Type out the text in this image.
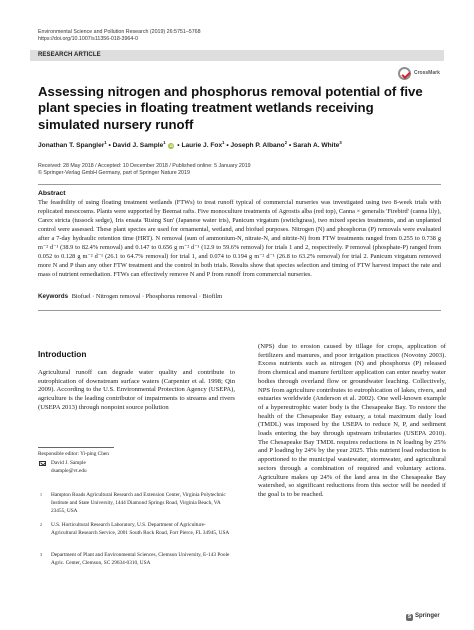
Environmental Science and Pollution Research (2019) 26:5751–5768
https://doi.org/10.1007/s11356-018-3964-0
RESEARCH ARTICLE
CrossMark
Assessing nitrogen and phosphorus removal potential of five plant species in floating treatment wetlands receiving simulated nursery runoff
Jonathan T. Spangler$^1$ • David J. Sample$^1$ iD • Laurie J. Fox$^1$ • Joseph P. Albano$^2$ • Sarah A. White$^3$
Received: 28 May 2018 / Accepted: 10 December 2018 / Published online: 5 January 2019
© Springer-Verlag GmbH Germany, part of Springer Nature 2019
Abstract

The feasibility of using floating treatment wetlands (FTWs) to treat runoff typical of commercial nurseries was investigated using two 8-week trials with replicated mesocosms. Plants were supported by Beemat rafts. Five monoculture treatments of Agrostis alba (red top), Canna × generalis 'Firebird' (canna lily), Carex stricta (tussock sedge), Iris ensata 'Rising Sun' (Japanese water iris), Panicum virgatum (switchgrass), two mixed species treatments, and an unplanted control were assessed. These plant species are used for ornamental, wetland, and biofuel purposes. Nitrogen (N) and phosphorus (P) removals were evaluated after a 7-day hydraulic retention time (HRT). N removal (sum of ammonium-N, nitrate-N, and nitrite-N) from FTW treatments ranged from 0.255 to 0.738 g m⁻² d⁻¹ (38.9 to 82.4% removal) and 0.147 to 0.656 g m⁻² d⁻¹ (12.9 to 59.6% removal) for trials 1 and 2, respectively. P removal (phosphate-P) ranged from 0.052 to 0.128 g m⁻² d⁻¹ (26.1 to 64.7% removal) for trial 1, and 0.074 to 0.194 g m⁻² d⁻¹ (26.8 to 63.2% removal) for trial 2. Panicum virgatum removed more N and P than any other FTW treatment and the control in both trials. Results show that species selection and timing of FTW harvest impact the rate and mass of nutrient remediation. FTWs can effectively remove N and P from runoff from commercial nurseries.

Keywords Biofuel · Nitrogen removal · Phosphorus removal · Biofilm
Introduction

Agricultural runoff can degrade water quality and contribute to eutrophication of downstream surface waters (Carpenter et al. 1998; Qin 2009). According to the U.S. Environmental Protection Agency (USEPA), agriculture is the leading contributor of impairments to streams and rivers (USEPA 2013) through nonpoint source pollution

(NPS) due to erosion caused by tillage for crops, application of fertilizers and manures, and poor irrigation practices (Novotny 2003). Excess nutrients such as nitrogen (N) and phosphorus (P) released from chemical and manure fertilizer application can enter nearby water bodies through overland flow or groundwater leaching. Collectively, NPS from agriculture contributes to eutrophication of lakes, rivers, and estuaries worldwide (Anderson et al. 2002). One well-known example of a hypereutrophic water body is the Chesapeake Bay. To restore the health of the Chesapeake Bay estuary, a total maximum daily load (TMDL) was imposed by the USEPA to reduce N, P, and sediment loads entering the bay through upstream tributaries (USEPA 2010). The Chesapeake Bay TMDL requires reductions in N loading by 25% and P loading by 24% by the year 2025. This nutrient load reduction is apportioned to the municipal wastewater, stormwater, and agricultural sectors through a combination of required and voluntary actions. Agriculture makes up 24% of the land area in the Chesapeake Bay watershed, so significant reductions from this sector will be needed if the goal is to be reached.

Responsible editor: Yi-ping Chen
David J. Sample
dsample@vt.edu
1 Hampton Roads Agricultural Research and Extension Center, Virginia Polytechnic Institute and State University, 1444 Diamond Springs Road, Virginia Beach, VA 23455, USA
2 U.S. Horticultural Research Laboratory, U.S. Department of Agriculture-Agricultural Research Service, 2001 South Rock Road, Fort Pierce, FL 34945, USA
3 Department of Plant and Environmental Sciences, Clemson University, E-143 Poole Agric. Center, Clemson, SC 29634-0310, USA
S Springer
